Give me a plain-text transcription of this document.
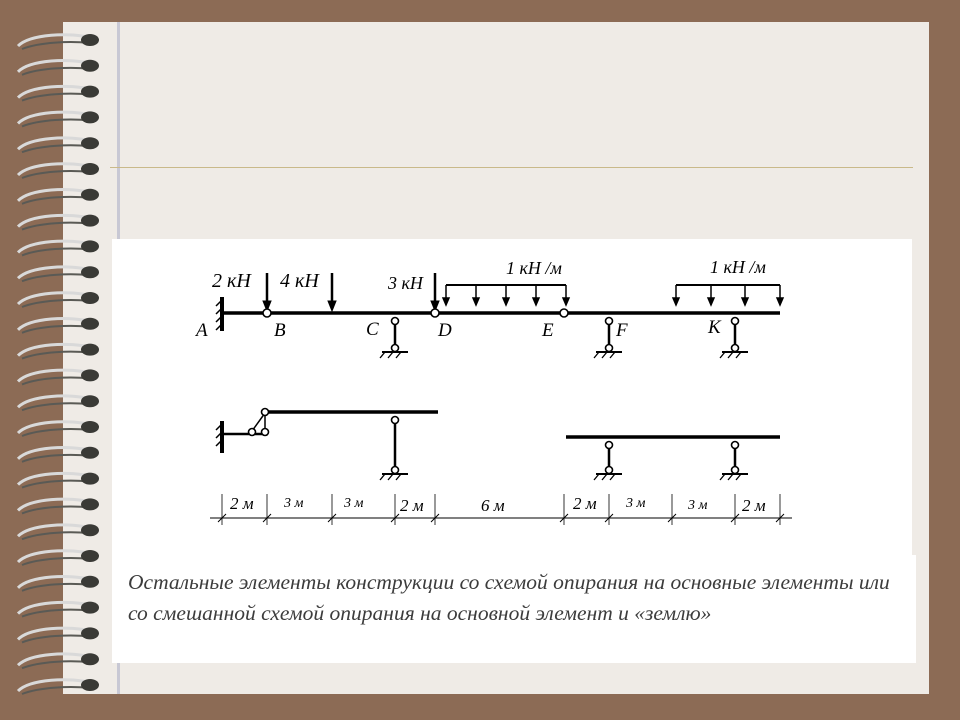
2 кН 4 кН	3 кН
1 кН /м	1 кН /м
A	B	C	D	E	F	K
2 м 3 м	3 м 2 м	6 м	2 м 3 м	3 м 2 м
Остальные элементы конструкции со схемой опирания на основные элементы или со смешанной схемой опирания на основной элемент и «землю»
